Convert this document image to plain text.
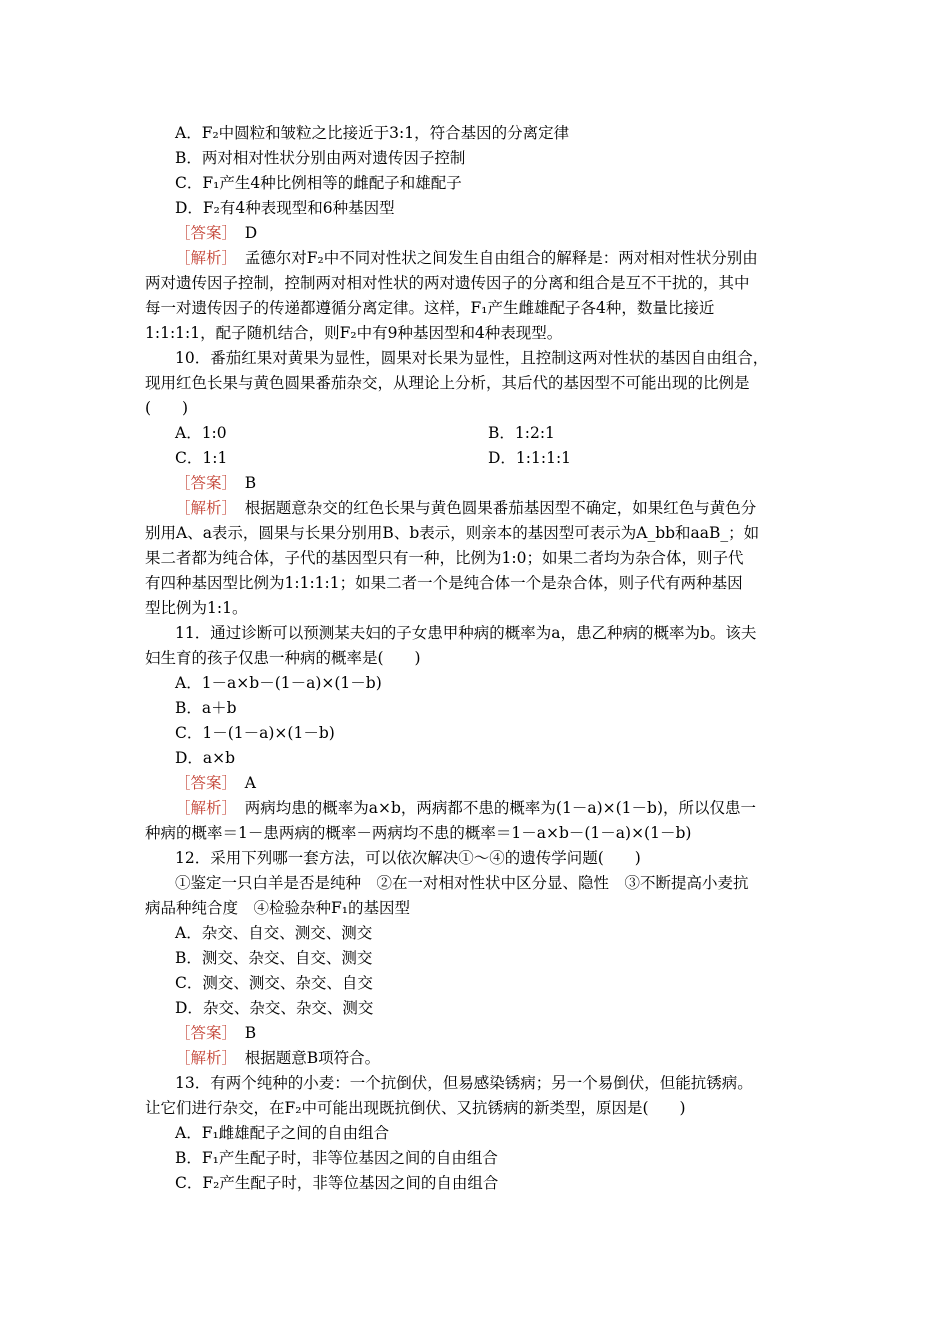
A．F₂中圆粒和皱粒之比接近于3:1，符合基因的分离定律
B．两对相对性状分别由两对遗传因子控制
C．F₁产生4种比例相等的雌配子和雄配子
D．F₂有4种表现型和6种基因型
［答案］　 D
［解析］　 孟德尔对F₂中不同对性状之间发生自由组合的解释是：两对相对性状分别由
两对遗传因子控制，控制两对相对性状的两对遗传因子的分离和组合是互不干扰的，其中
每一对遗传因子的传递都遵循分离定律。这样，F₁产生雌雄配子各4种，数量比接近
1:1:1:1，配子随机结合，则F₂中有9种基因型和4种表现型。
10．番茄红果对黄果为显性，圆果对长果为显性，且控制这两对性状的基因自由组合，
现用红色长果与黄色圆果番茄杂交，从理论上分析，其后代的基因型不可能出现的比例是
(　　)
A．1:0	B．1:2:1
C．1:1	D．1:1:1:1
［答案］　 B
［解析］　 根据题意杂交的红色长果与黄色圆果番茄基因型不确定，如果红色与黄色分
别用A、a表示，圆果与长果分别用B、b表示，则亲本的基因型可表示为A_bb和aaB_；如
果二者都为纯合体，子代的基因型只有一种，比例为1:0；如果二者均为杂合体，则子代
有四种基因型比例为1:1:1:1；如果二者一个是纯合体一个是杂合体，则子代有两种基因
型比例为1:1。
11．通过诊断可以预测某夫妇的子女患甲种病的概率为a，患乙种病的概率为b。该夫
妇生育的孩子仅患一种病的概率是(　　)
A．1－a×b－(1－a)×(1－b)
B．a＋b
C．1－(1－a)×(1－b)
D．a×b
［答案］　 A
［解析］　 两病均患的概率为a×b，两病都不患的概率为(1－a)×(1－b)，所以仅患一
种病的概率＝1－患两病的概率－两病均不患的概率＝1－a×b－(1－a)×(1－b)
12．采用下列哪一套方法，可以依次解决①～④的遗传学问题(　　)
①鉴定一只白羊是否是纯种　②在一对相对性状中区分显、隐性　③不断提高小麦抗
病品种纯合度　④检验杂种F₁的基因型
A．杂交、自交、测交、测交
B．测交、杂交、自交、测交
C．测交、测交、杂交、自交
D．杂交、杂交、杂交、测交
［答案］　 B
［解析］　 根据题意B项符合。
13．有两个纯种的小麦：一个抗倒伏，但易感染锈病；另一个易倒伏，但能抗锈病。
让它们进行杂交，在F₂中可能出现既抗倒伏、又抗锈病的新类型，原因是(　　)
A．F₁雌雄配子之间的自由组合
B．F₁产生配子时，非等位基因之间的自由组合
C．F₂产生配子时，非等位基因之间的自由组合
